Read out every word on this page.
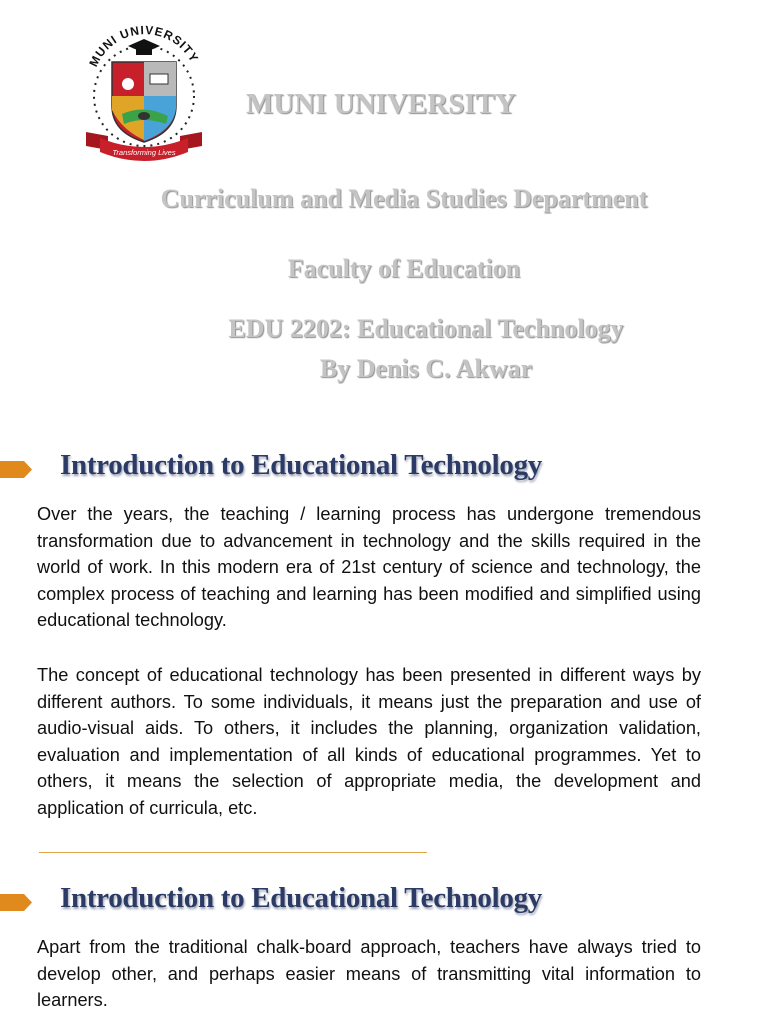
MUNI UNIVERSITY
Transforming Lives
MUNI UNIVERSITY
Curriculum and Media Studies Department
Faculty of Education
EDU 2202: Educational Technology
By Denis C. Akwar
Introduction to Educational Technology

Over the years, the teaching / learning process has undergone tremendous transformation due to advancement in technology and the skills required in the world of work. In this modern era of 21st century of science and technology, the complex process of teaching and learning has been modified and simplified using educational technology.

The concept of educational technology has been presented in different ways by different authors. To some individuals, it means just the preparation and use of audio-visual aids. To others, it includes the planning, organization validation, evaluation and implementation of all kinds of educational programmes. Yet to others, it means the selection of appropriate media, the development and application of curricula, etc.

Introduction to Educational Technology

Apart from the traditional chalk-board approach, teachers have always tried to develop other, and perhaps easier means of transmitting vital information to learners.
